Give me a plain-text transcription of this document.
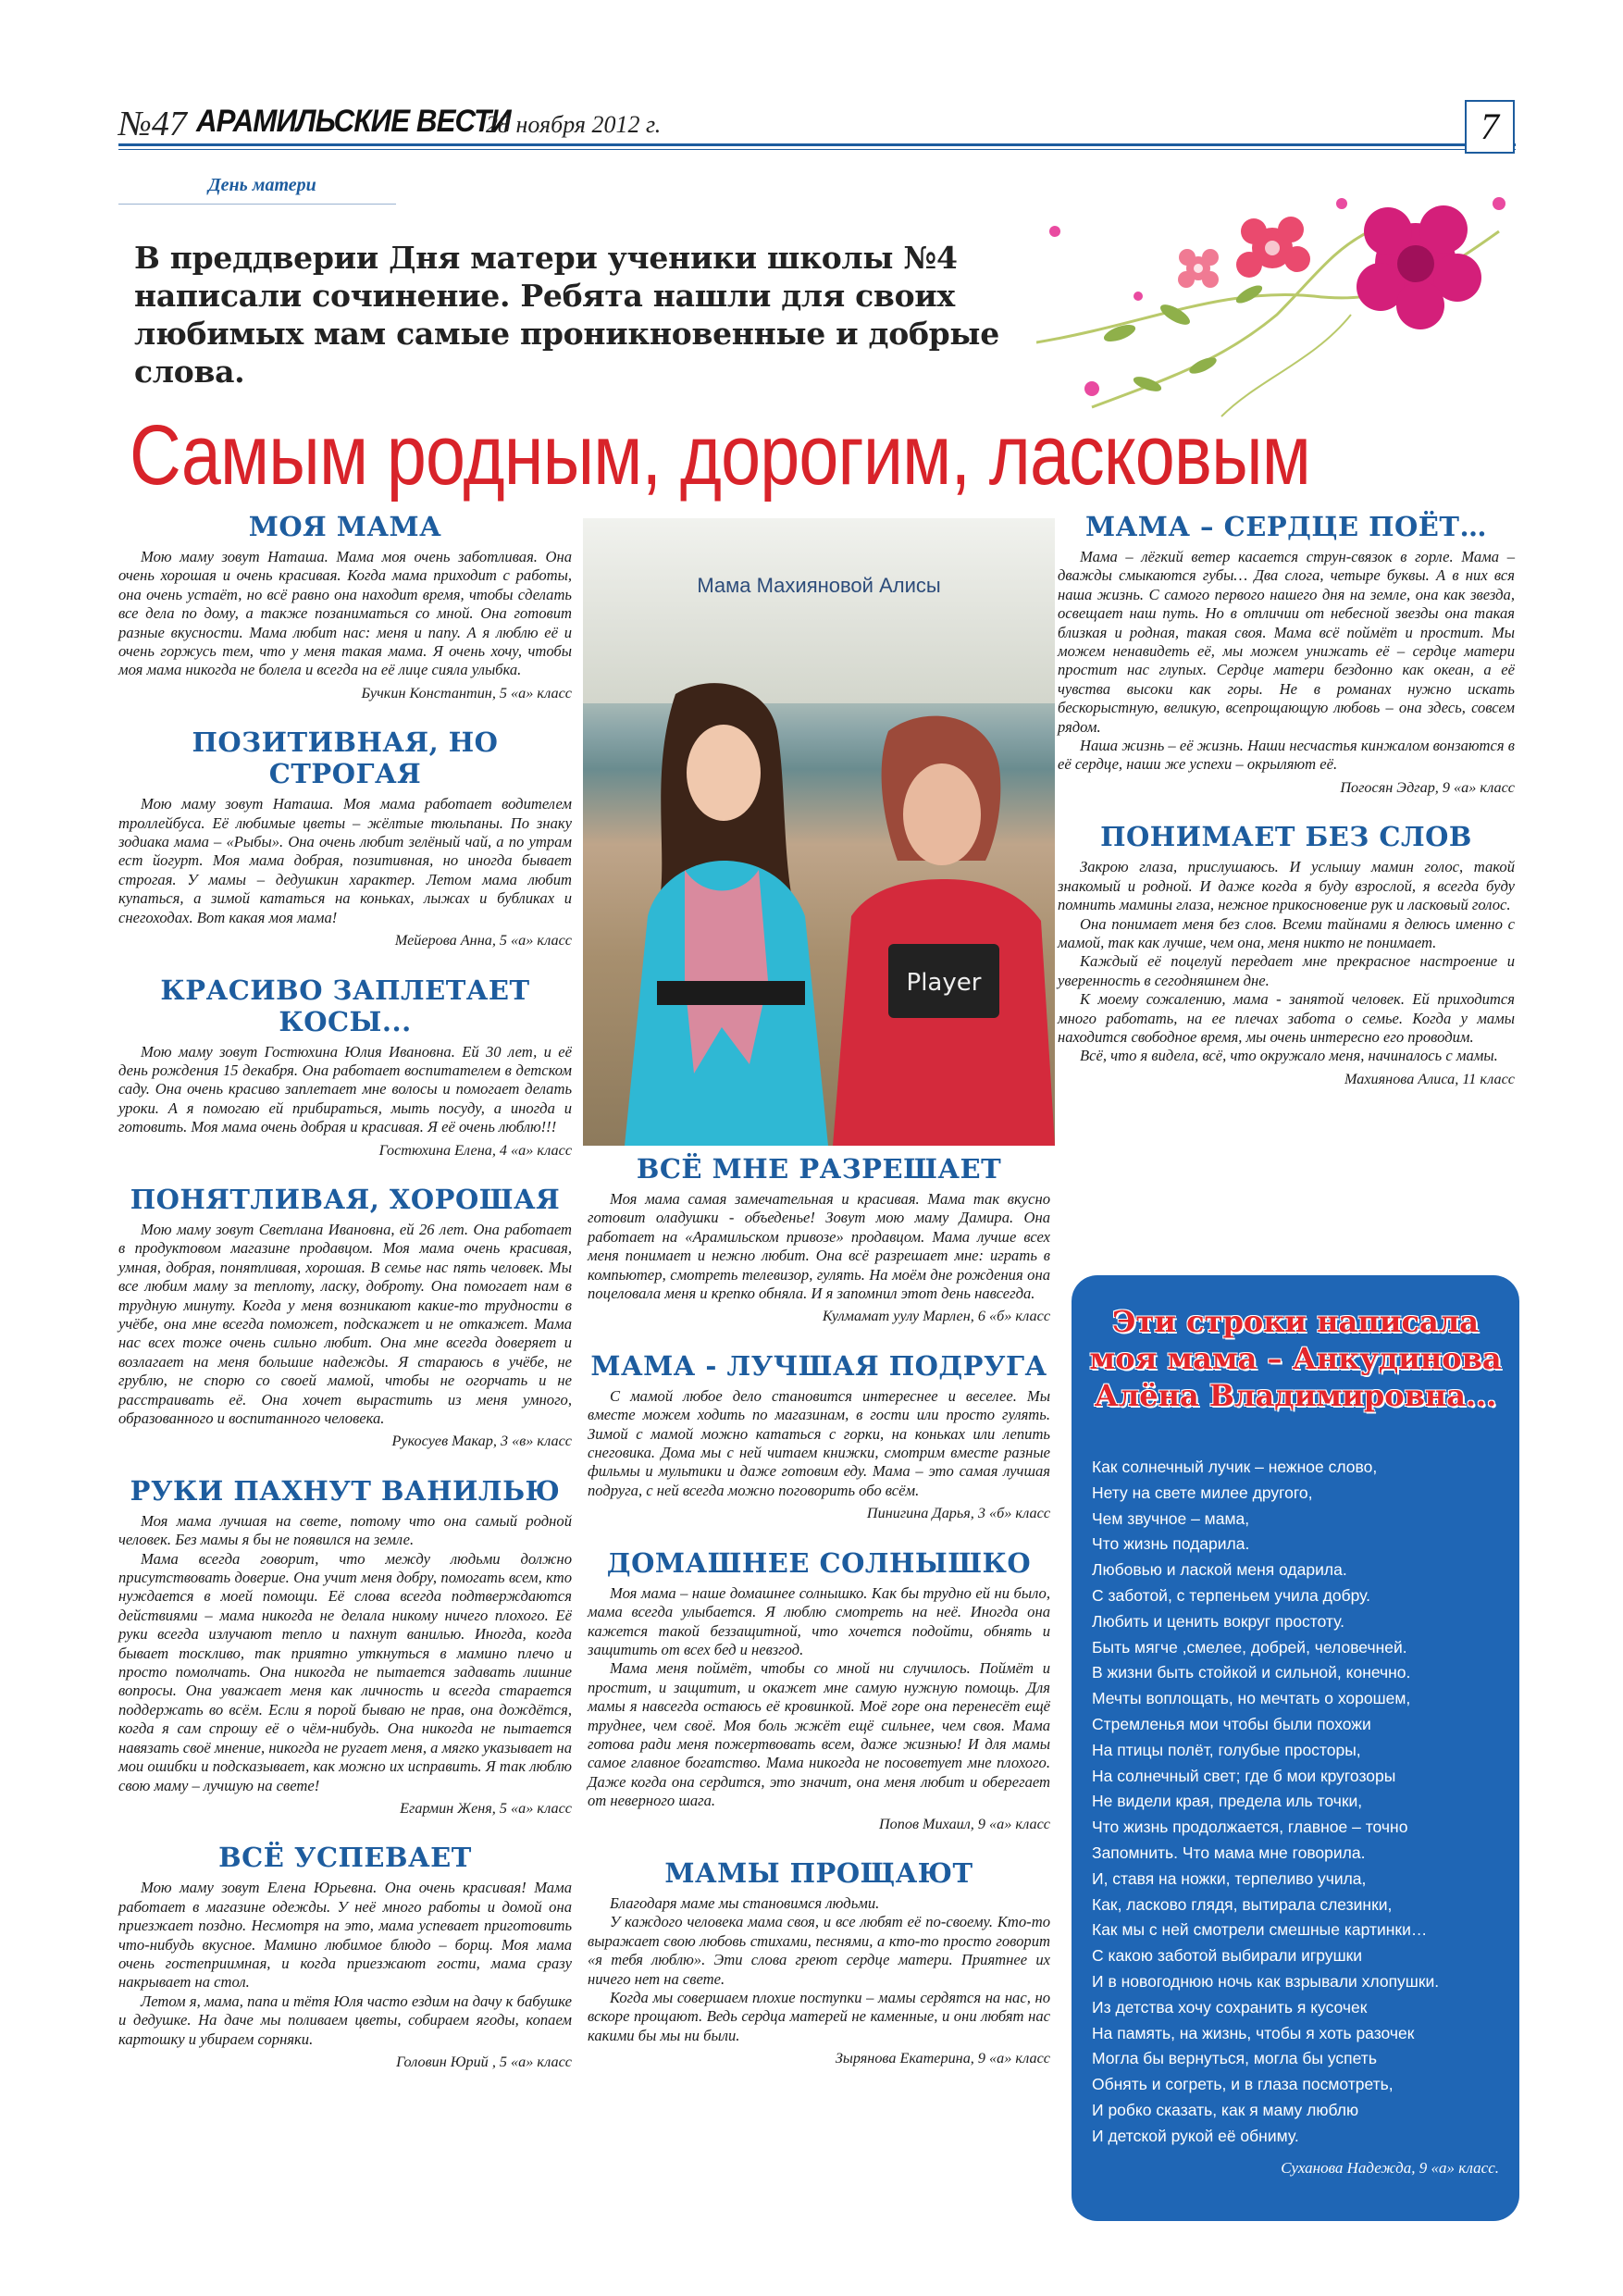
№47 АРАМИЛЬСКИЕ ВЕСТИ
28 ноября 2012 г.	7
День матери
В преддверии Дня матери ученики школы №4 написали сочинение. Ребята нашли для своих любимых мам самые проникновенные и добрые слова.
Самым родным, дорогим, ласковым
МОЯ МАМА

Мою маму зовут Наташа. Мама моя очень заботливая. Она очень хорошая и очень красивая. Когда мама приходит с работы, она очень устаёт, но всё равно она находит время, чтобы сделать все дела по дому, а также позаниматься со мной. Она готовит разные вкусности. Мама любит нас: меня и папу. А я люблю её и очень горжусь тем, что у меня такая мама. Я очень хочу, чтобы моя мама никогда не болела и всегда на её лице сияла улыбка.

Бучкин Константин, 5 «а» класс

ПОЗИТИВНАЯ, НО СТРОГАЯ

Мою маму зовут Наташа. Моя мама работает водителем троллейбуса. Её любимые цветы – жёлтые тюльпаны. По знаку зодиака мама – «Рыбы». Она очень любит зелёный чай, а по утрам ест йогурт. Моя мама добрая, позитивная, но иногда бывает строгая. У мамы – дедушкин характер. Летом мама любит купаться, а зимой кататься на коньках, лыжах и бубликах и снегоходах. Вот какая моя мама!

Мейерова Анна, 5 «а» класс

КРАСИВО ЗАПЛЕТАЕТ КОСЫ...

Мою маму зовут Гостюхина Юлия Ивановна. Ей 30 лет, и её день рождения 15 декабря. Она работает воспитателем в детском саду. Она очень красиво заплетает мне волосы и помогает делать уроки. А я помогаю ей прибираться, мыть посуду, а иногда и готовить. Моя мама очень добрая и красивая. Я её очень люблю!!!

Гостюхина Елена, 4 «а» класс

ПОНЯТЛИВАЯ, ХОРОШАЯ

Мою маму зовут Светлана Ивановна, ей 26 лет. Она работает в продуктовом магазине продавцом. Моя мама очень красивая, умная, добрая, понятливая, хорошая. В семье нас пять человек. Мы все любим маму за теплоту, ласку, доброту. Она помогает нам в трудную минуту. Когда у меня возникают какие-то трудности в учёбе, она мне всегда поможет, подскажет и не откажет. Мама нас всех тоже очень сильно любит. Она мне всегда доверяет и возлагает на меня большие надежды. Я стараюсь в учёбе, не грублю, не спорю со своей мамой, чтобы не огорчать и не расстраивать её. Она хочет вырастить из меня умного, образованного и воспитанного человека.

Рукосуев Макар, 3 «в» класс

РУКИ ПАХНУТ ВАНИЛЬЮ

Моя мама лучшая на свете, потому что она самый родной человек. Без мамы я бы не появился на земле.

Мама всегда говорит, что между людьми должно присутствовать доверие. Она учит меня добру, помогать всем, кто нуждается в моей помощи. Её слова всегда подтверждаются действиями – мама никогда не делала никому ничего плохого. Её руки всегда излучают тепло и пахнут ванилью. Иногда, когда бывает тоскливо, так приятно уткнуться в мамино плечо и просто помолчать. Она никогда не пытается задавать лишние вопросы. Она уважает меня как личность и всегда старается поддержать во всём. Если я порой бываю не прав, она дождётся, когда я сам спрошу её о чём-нибудь. Она никогда не пытается навязать своё мнение, никогда не ругает меня, а мягко указывает на мои ошибки и подсказывает, как можно их исправить. Я так люблю свою маму – лучшую на свете!

Егармин Женя, 5 «а» класс

ВСЁ УСПЕВАЕТ

Мою маму зовут Елена Юрьевна. Она очень красивая! Мама работает в магазине одежды. У неё много работы и домой она приезжает поздно. Несмотря на это, мама успевает приготовить что-нибудь вкусное. Мамино любимое блюдо – борщ. Моя мама очень гостеприимная, и когда приезжают гости, мама сразу накрывает на стол.

Летом я, мама, папа и тётя Юля часто ездим на дачу к бабушке и дедушке. На даче мы поливаем цветы, собираем ягоды, копаем картошку и убираем сорняки.

Головин Юрий , 5 «а» класс

Мама Махияновой Алисы
Player
ВСЁ МНЕ РАЗРЕШАЕТ

Моя мама самая замечательная и красивая. Мама так вкусно готовит оладушки - объеденье! Зовут мою маму Дамира. Она работает на «Арамильском привозе» продавцом. Мама лучше всех меня понимает и нежно любит. Она всё разрешает мне: играть в компьютер, смотреть телевизор, гулять. На моём дне рождения она поцеловала меня и крепко обняла. И я запомнил этот день навсегда.

Кулмамат уулу Марлен, 6 «б» класс

МАМА - ЛУЧШАЯ ПОДРУГА

С мамой любое дело становится интереснее и веселее. Мы вместе можем ходить по магазинам, в гости или просто гулять. Зимой с мамой можно кататься с горки, на коньках или лепить снеговика. Дома мы с ней читаем книжки, смотрим вместе разные фильмы и мультики и даже готовим еду. Мама – это самая лучшая подруга, с ней всегда можно поговорить обо всём.

Пинигина Дарья, 3 «б» класс

ДОМАШНЕЕ СОЛНЫШКО

Моя мама – наше домашнее солнышко. Как бы трудно ей ни было, мама всегда улыбается. Я люблю смотреть на неё. Иногда она кажется такой беззащитной, что хочется подойти, обнять и защитить от всех бед и невзгод.

Мама меня поймёт, чтобы со мной ни случилось. Поймёт и простит, и защитит, и окажет мне самую нужную помощь. Для мамы я навсегда остаюсь её кровинкой. Моё горе она перенесёт ещё труднее, чем своё. Моя боль жжёт ещё сильнее, чем своя. Мама готова ради меня пожертвовать всем, даже жизнью! И для мамы самое главное богатство. Мама никогда не посоветует мне плохого. Даже когда она сердится, это значит, она меня любит и оберегает от неверного шага.

Попов Михаил, 9 «а» класс

МАМЫ ПРОЩАЮТ

Благодаря маме мы становимся людьми.

У каждого человека мама своя, и все любят её по-своему. Кто-то выражает свою любовь стихами, песнями, а кто-то просто говорит «я тебя люблю». Эти слова греют сердце матери. Приятнее их ничего нет на свете.

Когда мы совершаем плохие поступки – мамы сердятся на нас, но вскоре прощают. Ведь сердца матерей не каменные, и они любят нас какими бы мы ни были.

Зырянова Екатерина, 9 «а» класс

МАМА – СЕРДЦЕ ПОЁТ…

Мама – лёгкий ветер касается струн-связок в горле. Мама – дважды смыкаются губы… Два слога, четыре буквы. А в них вся наша жизнь. С самого первого нашего дня на земле, она как звезда, освещает наш путь. Но в отличии от небесной звезды она такая близкая и родная, такая своя. Мама всё поймёт и простит. Мы можем ненавидеть её, мы можем унижать её – сердце матери простит нас глупых. Сердце матери бездонно как океан, а её чувства высоки как горы. Не в романах нужно искать бескорыстную, великую, всепрощающую любовь – она здесь, совсем рядом.

Наша жизнь – её жизнь. Наши несчастья кинжалом вонзаются в её сердце, наши же успехи – окрыляют её.

Погосян Эдгар, 9 «а» класс

ПОНИМАЕТ БЕЗ СЛОВ

Закрою глаза, прислушаюсь. И услышу мамин голос, такой знакомый и родной. И даже когда я буду взрослой, я всегда буду помнить мамины глаза, нежное прикосновение рук и ласковый голос.

Она понимает меня без слов. Всеми тайнами я делюсь именно с мамой, так как лучше, чем она, меня никто не понимает.

Каждый её поцелуй передает мне прекрасное настроение и уверенность в сегодняшнем дне.

К моему сожалению, мама - занятой человек. Ей приходится много работать, на ее плечах забота о семье. Когда у мамы находится свободное время, мы очень интересно его проводим.

Всё, что я видела, всё, что окружало меня, начиналось с мамы.

Махиянова Алиса, 11 класс

Эти строки написала моя мама – Анкудинова Алёна Владимировна...
Как солнечный лучик – нежное слово,
Нету на свете милее другого,
Чем звучное – мама,
Что жизнь подарила.
Любовью и лаской меня одарила.
С заботой, с терпеньем учила добру.
Любить и ценить вокруг простоту.
Быть мягче ,смелее, добрей, человечней.
В жизни быть стойкой и сильной, конечно.
Мечты воплощать, но мечтать о хорошем,
Стремленья мои чтобы были похожи
На птицы полёт, голубые просторы,
На солнечный свет; где б мои кругозоры
Не видели края, предела иль точки,
Что жизнь продолжается, главное – точно
Запомнить. Что мама мне говорила.
И, ставя на ножки, терпеливо учила,
Как, ласково глядя, вытирала слезинки,
Как мы с ней смотрели смешные картинки…
С какою заботой выбирали игрушки
И в новогоднюю ночь как взрывали хлопушки.
Из детства хочу сохранить я кусочек
На память, на жизнь, чтобы я хоть разочек
Могла бы вернуться, могла бы успеть
Обнять и согреть, и в глаза посмотреть,
И робко сказать, как я маму люблю
И детской рукой её обниму.
Суханова Надежда, 9 «а» класс.
